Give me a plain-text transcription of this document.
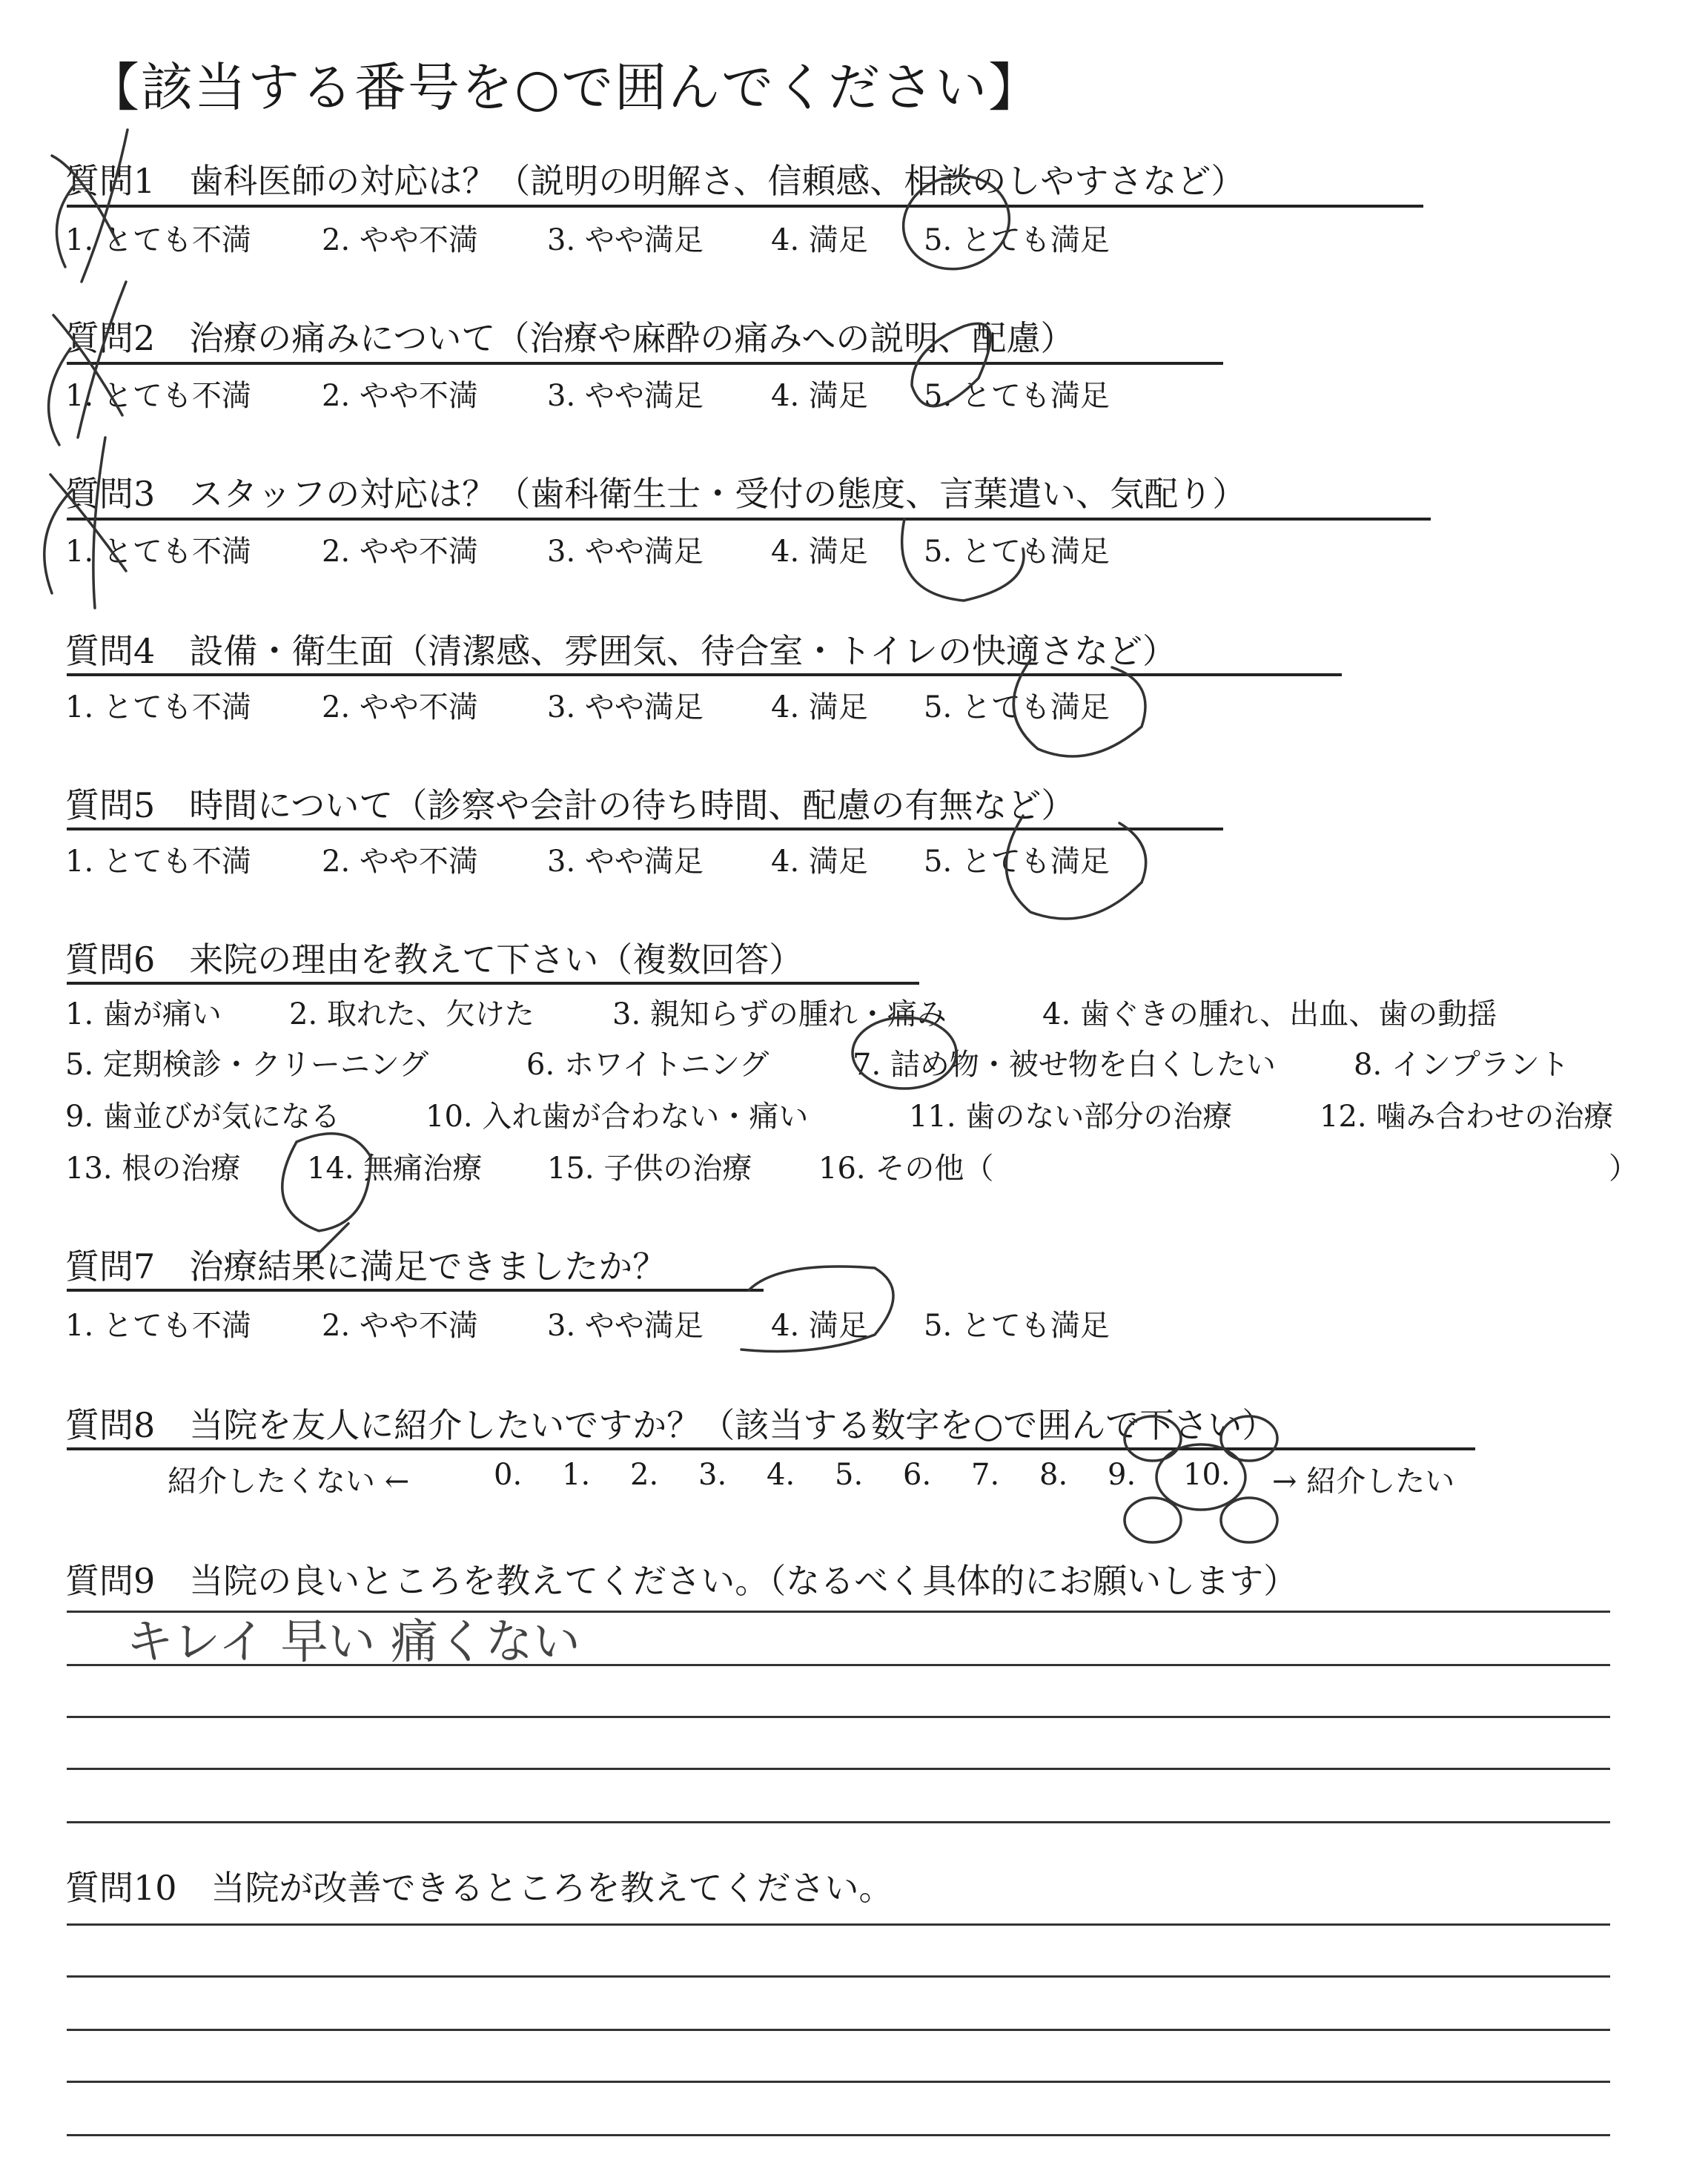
【該当する番号を○で囲んでください】
質問1　歯科医師の対応は？（説明の明解さ、信頼感、相談のしやすさなど）
1. とても不満 2. やや不満 3. やや満足 4. 満足 5. とても満足
質問2　治療の痛みについて（治療や麻酔の痛みへの説明、配慮）
1. とても不満 2. やや不満 3. やや満足 4. 満足 5. とても満足
質問3　スタッフの対応は？（歯科衛生士・受付の態度、言葉遣い、気配り）
1. とても不満 2. やや不満 3. やや満足 4. 満足 5. とても満足
質問4　設備・衛生面（清潔感、雰囲気、待合室・トイレの快適さなど）
1. とても不満 2. やや不満 3. やや満足 4. 満足 5. とても満足
質問5　時間について（診察や会計の待ち時間、配慮の有無など）
1. とても不満 2. やや不満 3. やや満足 4. 満足 5. とても満足
質問6　来院の理由を教えて下さい（複数回答）
1. 歯が痛い 2. 取れた、欠けた	3. 親知らずの腫れ・痛み	4. 歯ぐきの腫れ、出血、歯の動揺
5. 定期検診・クリーニング	6. ホワイトニング	7. 詰め物・被せ物を白くしたい	8. インプラント
9. 歯並びが気になる	10. 入れ歯が合わない・痛い	11. 歯のない部分の治療	12. 噛み合わせの治療
13. 根の治療 14. 無痛治療 15. 子供の治療 16. その他（	）
質問7　治療結果に満足できましたか？
1. とても不満 2. やや不満 3. やや満足 4. 満足 5. とても満足
質問8　当院を友人に紹介したいですか？（該当する数字を○で囲んで下さい）
紹介したくない ←	0. 1. 2. 3. 4. 5. 6. 7. 8. 9. 10. → 紹介したい
質問9　当院の良いところを教えてください。（なるべく具体的にお願いします）
質問10　当院が改善できるところを教えてください。
キレイ 早い 痛くない
